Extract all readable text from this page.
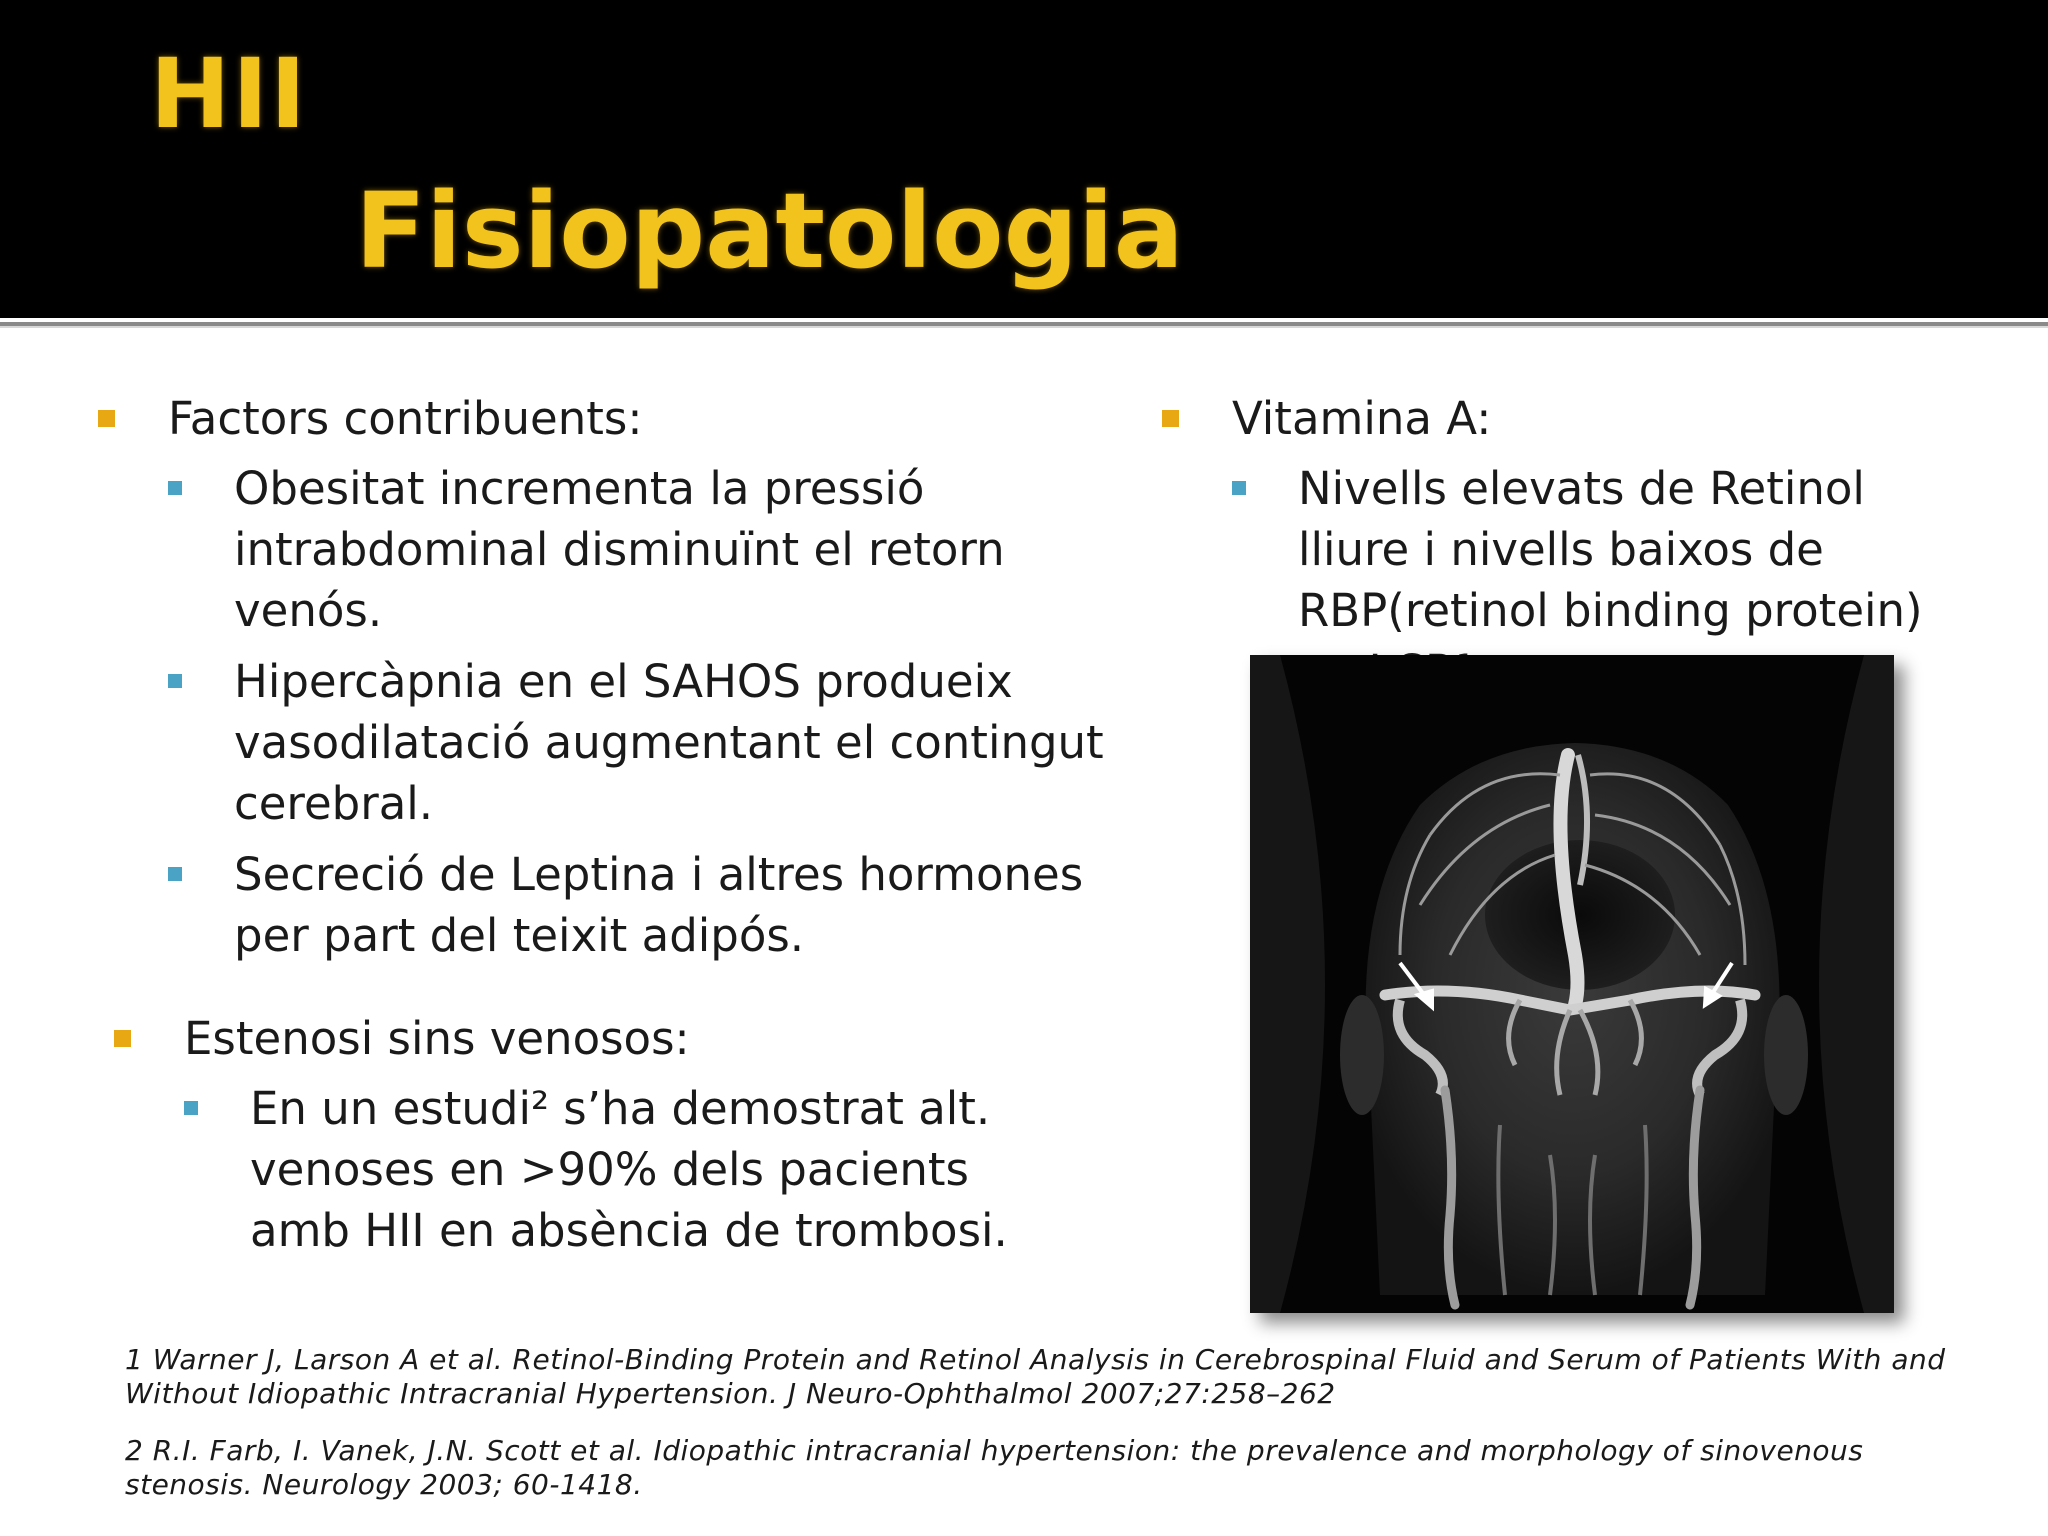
HII
Fisiopatologia
Factors contribuents:
Obesitat incrementa la pressió intrabdominal disminuïnt el retorn venós.
Hipercàpnia en el SAHOS produeix vasodilatació augmentant el contingut cerebral.
Secreció de Leptina i altres hormones per part del teixit adipós.
Estenosi sins venosos:
En un estudi² s’ha demostrat alt. venoses en >90% dels pacients amb HII en absència de trombosi.
Vitamina A:
Nivells elevats de Retinol lliure i nivells baixos de RBP(retinol binding protein)
1 Warner J, Larson A et al. Retinol-Binding Protein and Retinol Analysis in Cerebrospinal Fluid and Serum of Patients With and Without Idiopathic Intracranial Hypertension. J Neuro-Ophthalmol 2007;27:258–262
2 R.I. Farb, I. Vanek, J.N. Scott et al. Idiopathic intracranial hypertension: the prevalence and morphology of sinovenous stenosis. Neurology 2003; 60-1418.
